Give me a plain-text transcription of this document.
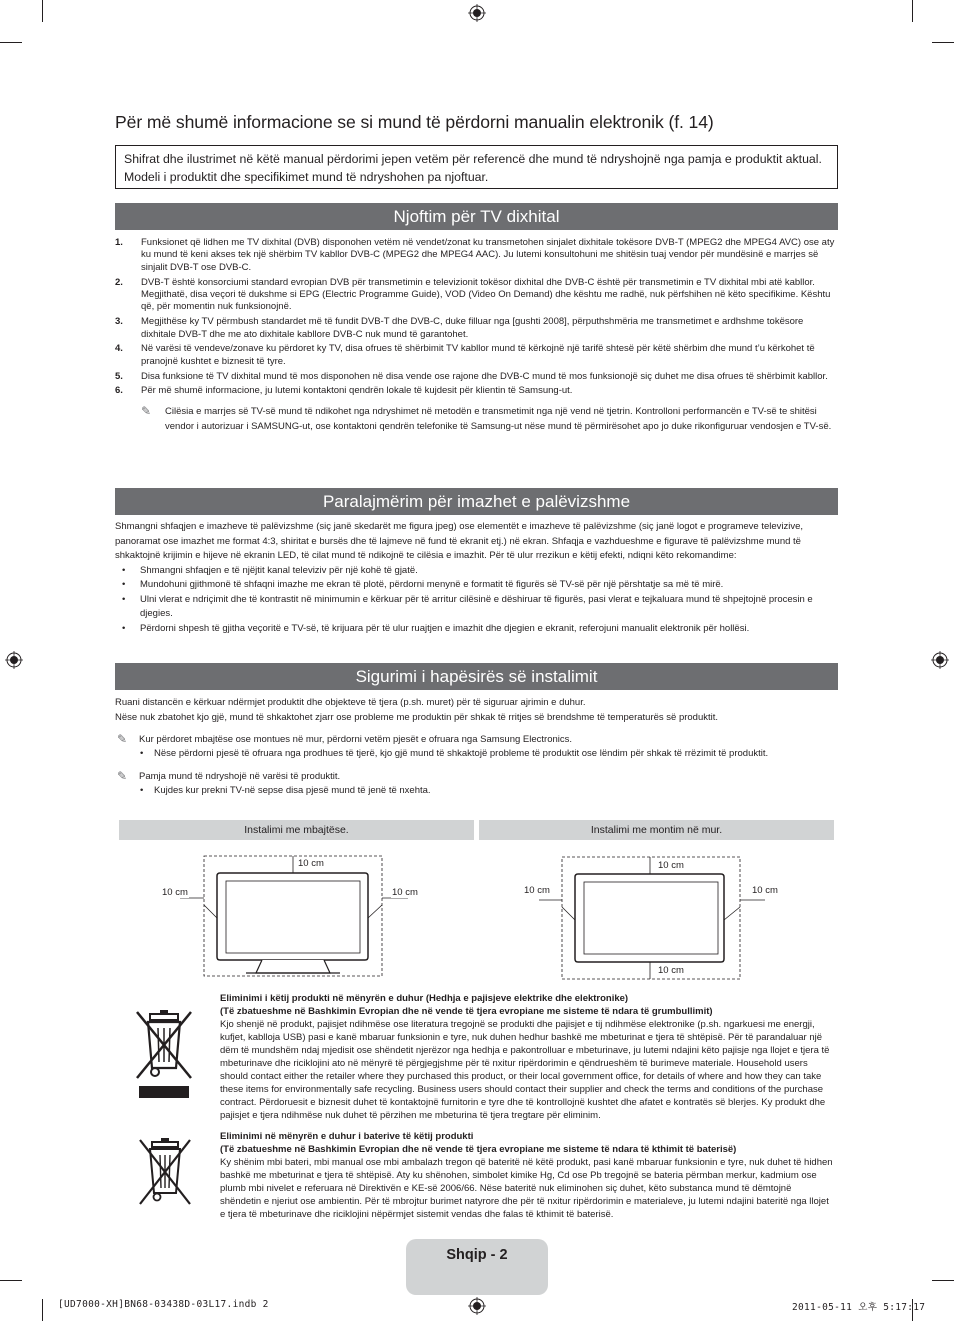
Për më shumë informacione se si mund të përdorni manualin elektronik (f. 14)
Shifrat dhe ilustrimet në këtë manual përdorimi jepen vetëm për referencë dhe mund të ndryshojnë nga pamja e produktit aktual. Modeli i produktit dhe specifikimet mund të ndryshohen pa njoftuar.
Njoftim për TV dixhital
1. Funksionet që lidhen me TV dixhital (DVB) disponohen vetëm në vendet/zonat ku transmetohen sinjalet dixhitale tokësore DVB-T (MPEG2 dhe MPEG4 AVC) ose aty ku mund të keni akses tek një shërbim TV kabllor DVB-C (MPEG2 dhe MPEG4 AAC). Ju lutemi konsultohuni me shitësin tuaj vendor për mundësinë e marrjes së sinjalit DVB-T ose DVB-C.
2. DVB-T është konsorciumi standard evropian DVB për transmetimin e televizionit tokësor dixhital dhe DVB-C është për transmetimin e TV dixhital mbi atë kabllor. Megjithatë, disa veçori të dukshme si EPG (Electric Programme Guide), VOD (Video On Demand) dhe kështu me radhë, nuk përfshihen në këto specifikime. Kështu që, për momentin nuk funksionojnë.
3. Megjithëse ky TV përmbush standardet më të fundit DVB-T dhe DVB-C, duke filluar nga [gushti 2008], përputhshmëria me transmetimet e ardhshme tokësore dixhitale DVB-T dhe me ato dixhitale kabllore DVB-C nuk mund të garantohet.
4. Në varësi të vendeve/zonave ku përdoret ky TV, disa ofrues të shërbimit TV kabllor mund të kërkojnë një tarifë shtesë për këtë shërbim dhe mund t’u kërkohet të pranojnë kushtet e biznesit të tyre.
5. Disa funksione të TV dixhital mund të mos disponohen në disa vende ose rajone dhe DVB-C mund të mos funksionojë siç duhet me disa ofrues të shërbimit kabllor.
6. Për më shumë informacione, ju lutemi kontaktoni qendrën lokale të kujdesit për klientin të Samsung-ut.
✎ Cilësia e marrjes së TV-së mund të ndikohet nga ndryshimet në metodën e transmetimit nga një vend në tjetrin. Kontrolloni performancën e TV-së te shitësi vendor i autorizuar i SAMSUNG-ut, ose kontaktoni qendrën telefonike të Samsung-ut nëse mund të përmirësohet apo jo duke rikonfiguruar vendosjen e TV-së.
Paralajmërim për imazhet e palëvizshme
Shmangni shfaqjen e imazheve të palëvizshme (siç janë skedarët me figura jpeg) ose elementët e imazheve të palëvizshme (siç janë logot e programeve televizive, panoramat ose imazhet me format 4:3, shiritat e bursës dhe të lajmeve në fund të ekranit etj.) në ekran. Shfaqja e vazhdueshme e figurave të palëvizshme mund të shkaktojnë krijimin e hijeve në ekranin LED, të cilat mund të ndikojnë te cilësia e imazhit. Për të ulur rrezikun e këtij efekti, ndiqni këto rekomandime:
• Shmangni shfaqjen e të njëjtit kanal televiziv për një kohë të gjatë.
• Mundohuni gjithmonë të shfaqni imazhe me ekran të plotë, përdorni menynë e formatit të figurës së TV-së për një përshtatje sa më të mirë.
• Ulni vlerat e ndriçimit dhe të kontrastit në minimumin e kërkuar për të arritur cilësinë e dëshiruar të figurës, pasi vlerat e tejkaluara mund të shpejtojnë procesin e djegies.
• Përdorni shpesh të gjitha veçoritë e TV-së, të krijuara për të ulur ruajtjen e imazhit dhe djegien e ekranit, referojuni manualit elektronik për hollësi.
Sigurimi i hapësirës së instalimit
Ruani distancën e kërkuar ndërmjet produktit dhe objekteve të tjera (p.sh. muret) për të siguruar ajrimin e duhur.
Nëse nuk zbatohet kjo gjë, mund të shkaktohet zjarr ose probleme me produktin për shkak të rritjes së brendshme të temperaturës së produktit.
✎ Kur përdoret mbajtëse ose montues në mur, përdorni vetëm pjesët e ofruara nga Samsung Electronics.
• Nëse përdorni pjesë të ofruara nga prodhues të tjerë, kjo gjë mund të shkaktojë probleme të produktit ose lëndim për shkak të rrëzimit të produktit.
✎ Pamja mund të ndryshojë në varësi të produktit.
• Kujdes kur prekni TV-në sepse disa pjesë mund të jenë të nxehta.
Instalimi me mbajtëse.	Instalimi me montim në mur.
10 cm
10 cm	10 cm
10 cm
10 cm	10 cm
10 cm
Eliminimi i këtij produkti në mënyrën e duhur (Hedhja e pajisjeve elektrike dhe elektronike)
(Të zbatueshme në Bashkimin Evropian dhe në vende të tjera evropiane me sisteme të ndara të grumbullimit)
Kjo shenjë në produkt, pajisjet ndihmëse ose literatura tregojnë se produkti dhe pajisjet e tij ndihmëse elektronike (p.sh. ngarkuesi me energji, kufjet, kablloja USB) pasi e kanë mbaruar funksionin e tyre, nuk duhen hedhur bashkë me mbeturinat e tjera të shtëpisë. Për të parandaluar një dëm të mundshëm ndaj mjedisit ose shëndetit njerëzor nga hedhja e pakontrolluar e mbeturinave, ju lutemi ndajini këto pajisje nga llojet e tjera të mbeturinave dhe riciklojini ato në mënyrë të përgjegjshme për të nxitur ripërdorimin e qëndrueshëm të burimeve materiale. Household users should contact either the retailer where they purchased this product, or their local government office, for details of where and how they can take these items for environmentally safe recycling. Business users should contact their supplier and check the terms and conditions of the purchase contract. Përdoruesit e biznesit duhet të kontaktojnë furnitorin e tyre dhe të kontrollojnë kushtet dhe afatet e kontratës së blerjes. Ky produkt dhe pajisjet e tjera ndihmëse nuk duhet të përzihen me mbeturina të tjera tregtare për eliminim.
Eliminimi në mënyrën e duhur i baterive të këtij produkti
(Të zbatueshme në Bashkimin Evropian dhe në vende të tjera evropiane me sisteme të ndara të kthimit të baterisë)
Ky shënim mbi bateri, mbi manual ose mbi ambalazh tregon që bateritë në këtë produkt, pasi kanë mbaruar funksionin e tyre, nuk duhet të hidhen bashkë me mbeturinat e tjera të shtëpisë. Aty ku shënohen, simbolet kimike Hg, Cd ose Pb tregojnë se bateria përmban merkur, kadmium ose plumb mbi nivelet e referuara në Direktivën e KE-së 2006/66. Nëse bateritë nuk eliminohen siç duhet, këto substanca mund të dëmtojnë shëndetin e njeriut ose ambientin. Për të mbrojtur burimet natyrore dhe për të nxitur ripërdorimin e materialeve, ju lutemi ndajini bateritë nga llojet e tjera të mbeturinave dhe riciklojini nëpërmjet sistemit vendas dhe falas të kthimit të baterisë.
Shqip - 2
[UD7000-XH]BN68-03438D-03L17.indb 2	2011-05-11 오후 5:17:17
